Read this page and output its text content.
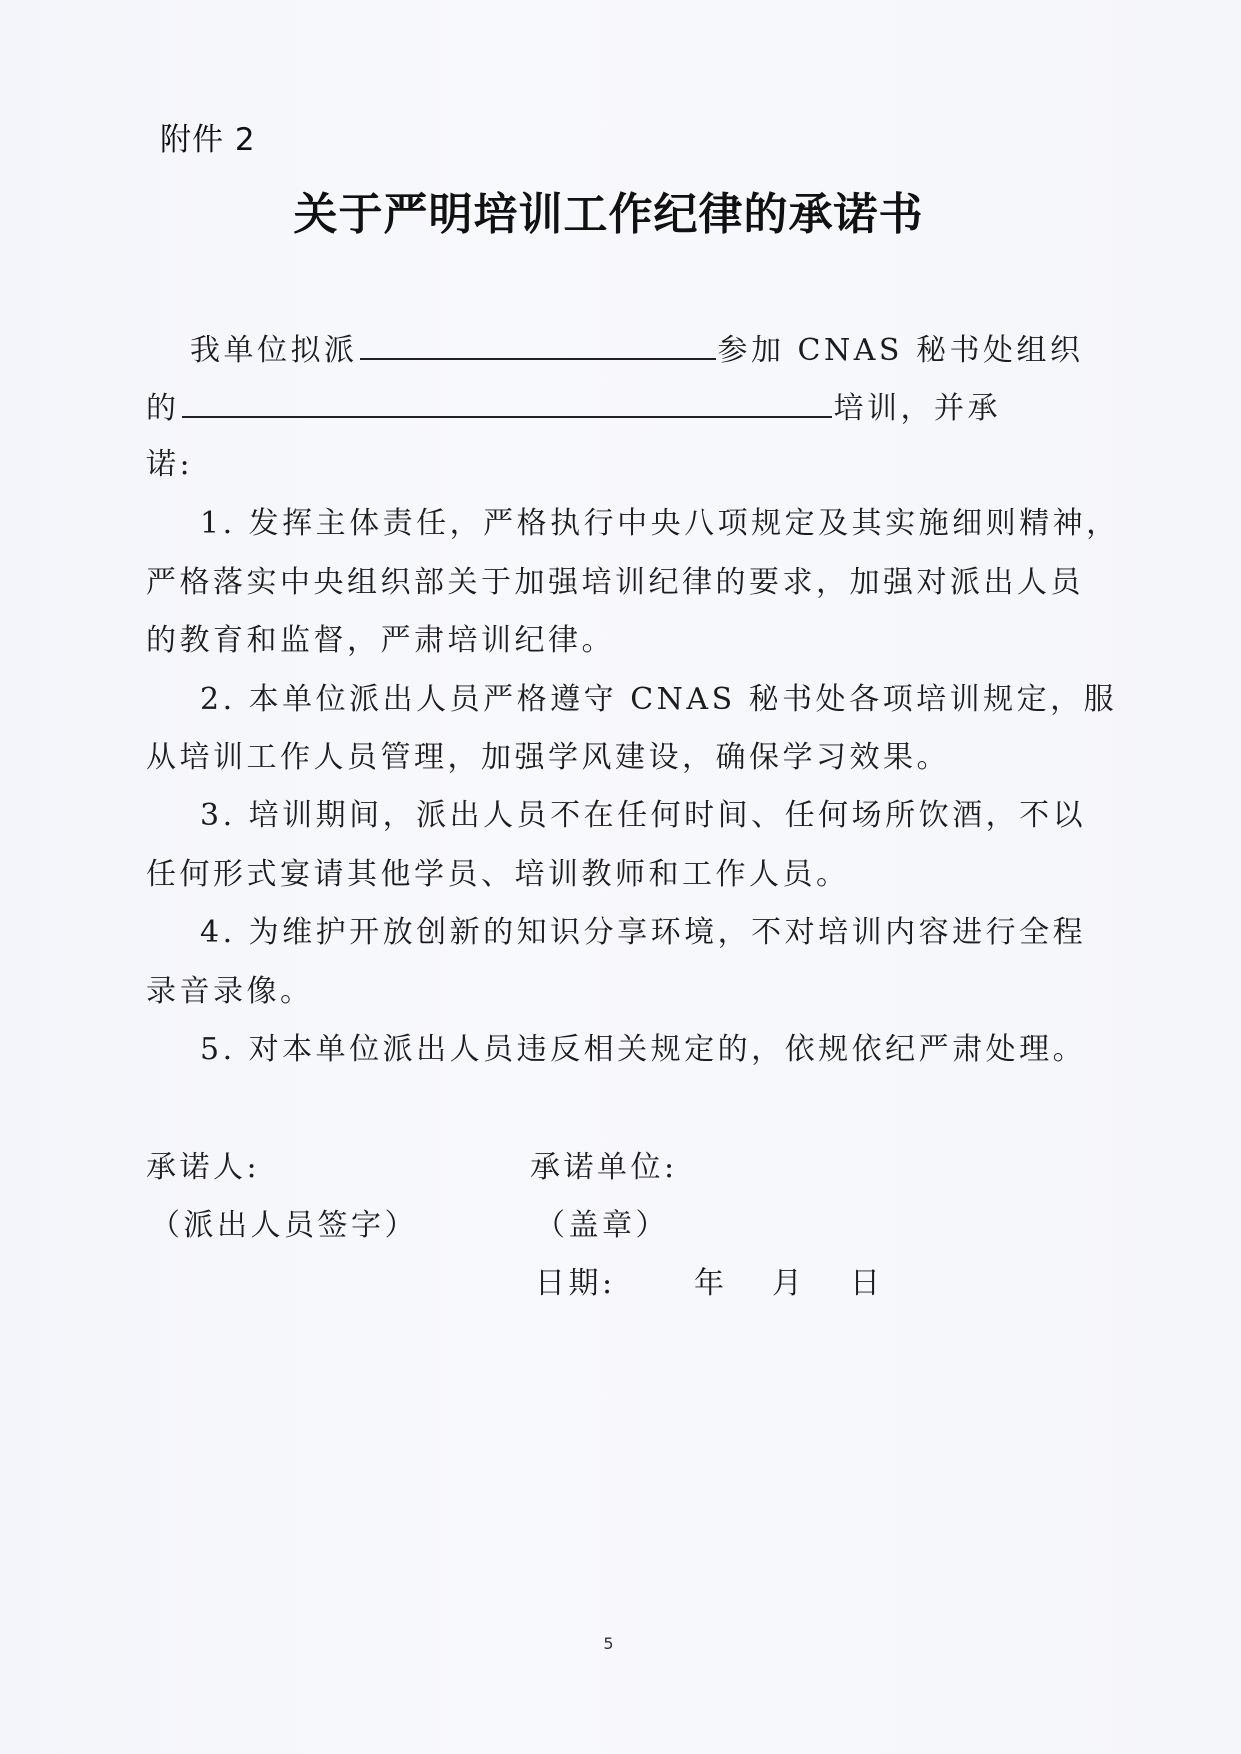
附件 2
关于严明培训工作纪律的承诺书
我单位拟派	参加 CNAS 秘书处组织
的	培训，并承
诺:
1. 发挥主体责任，严格执行中央八项规定及其实施细则精神，
严格落实中央组织部关于加强培训纪律的要求，加强对派出人员
的教育和监督，严肃培训纪律。
2. 本单位派出人员严格遵守 CNAS 秘书处各项培训规定，服
从培训工作人员管理，加强学风建设，确保学习效果。
3. 培训期间，派出人员不在任何时间、任何场所饮酒，不以
任何形式宴请其他学员、培训教师和工作人员。
4. 为维护开放创新的知识分享环境，不对培训内容进行全程
录音录像。
5. 对本单位派出人员违反相关规定的，依规依纪严肃处理。
承诺人:	承诺单位:
（派出人员签字）	（盖章）
日期:	年 月 日
5
